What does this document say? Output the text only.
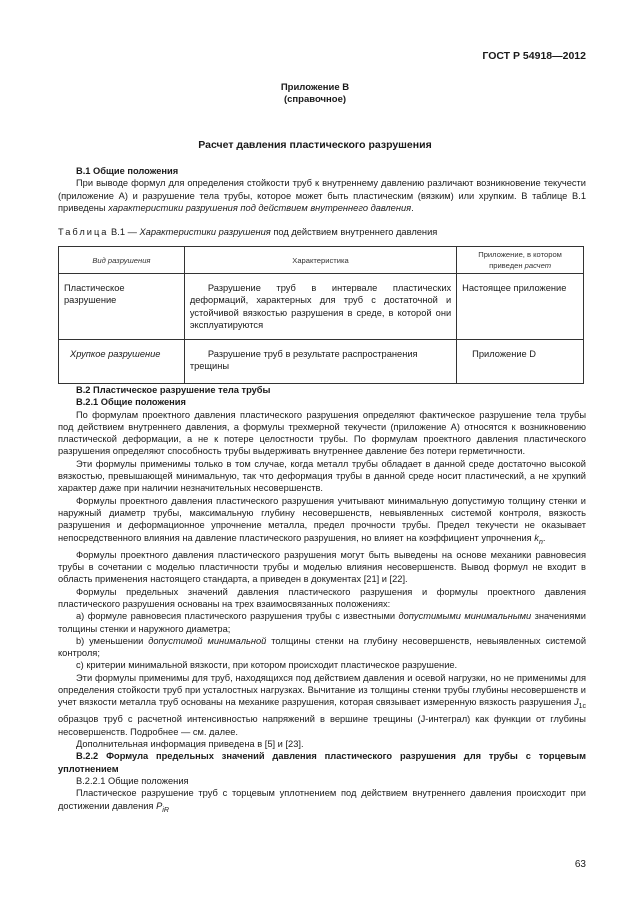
ГОСТ Р 54918—2012
Приложение В
(справочное)
Расчет давления пластического разрушения
В.1 Общие положения

При выводе формул для определения стойкости труб к внутреннему давлению различают возникновение текучести (приложение А) и разрушение тела трубы, которое может быть пластическим (вязким) или хрупким. В таблице В.1 приведены характеристики разрушения под действием внутреннего давления.

Таблица В.1 — Характеристики разрушения под действием внутреннего давления
Вид разрушения	Характеристика	Приложение, в котором приведен расчет
Пластическое разрушение	Разрушение труб в интервале пластических деформаций, характерных для труб с достаточной и устойчивой вязкостью разрушения в среде, в которой они эксплуатируются	Настоящее приложение
Хрупкое разрушение	Разрушение труб в результате распространения трещины	Приложение D
В.2 Пластическое разрушение тела трубы
В.2.1 Общие положения

По формулам проектного давления пластического разрушения определяют фактическое разрушение тела трубы под действием внутреннего давления, а формулы трехмерной текучести (приложение А) относятся к возникновению пластической деформации, а не к потере целостности трубы. По формулам проектного давления пластического разрушения определяют способность трубы выдерживать внутреннее давление без потери герметичности.

Эти формулы применимы только в том случае, когда металл трубы обладает в данной среде достаточно высокой вязкостью, превышающей минимальную, так что деформация трубы в данной среде носит пластический, а не хрупкий характер даже при наличии незначительных несовершенств.

Формулы проектного давления пластического разрушения учитывают минимальную допустимую толщину стенки и наружный диаметр трубы, максимальную глубину несовершенств, невыявленных системой контроля, вязкость разрушения и деформационное упрочнение металла, предел прочности трубы. Предел текучести не оказывает непосредственного влияния на давление пластического разрушения, но влияет на коэффициент упрочнения $k_n$.

Формулы проектного давления пластического разрушения могут быть выведены на основе механики равновесия трубы в сочетании с моделью пластичности трубы и моделью влияния несовершенств. Вывод формул не входит в область применения настоящего стандарта, а приведен в документах [21] и [22].

Формулы предельных значений давления пластического разрушения и формулы проектного давления пластического разрушения основаны на трех взаимосвязанных положениях:

a) формуле равновесия пластического разрушения трубы с известными допустимыми минимальными значениями толщины стенки и наружного диаметра;

b) уменьшении допустимой минимальной толщины стенки на глубину несовершенств, невыявленных системой контроля;

c) критерии минимальной вязкости, при котором происходит пластическое разрушение.

Эти формулы применимы для труб, находящихся под действием давления и осевой нагрузки, но не применимы для определения стойкости труб при усталостных нагрузках. Вычитание из толщины стенки трубы глубины несовершенств и учет вязкости металла труб основаны на механике разрушения, которая связывает измеренную вязкость разрушения $J_{1c}$ образцов труб с расчетной интенсивностью напряжений в вершине трещины (J-интеграл) как функции от глубины несовершенств. Подробнее — см. далее.

Дополнительная информация приведена в [5] и [23].

В.2.2 Формула предельных значений давления пластического разрушения для трубы с торцевым уплотнением

В.2.2.1 Общие положения

Пластическое разрушение труб с торцевым уплотнением под действием внутреннего давления происходит при достижении давления $P_{iR}$

63
